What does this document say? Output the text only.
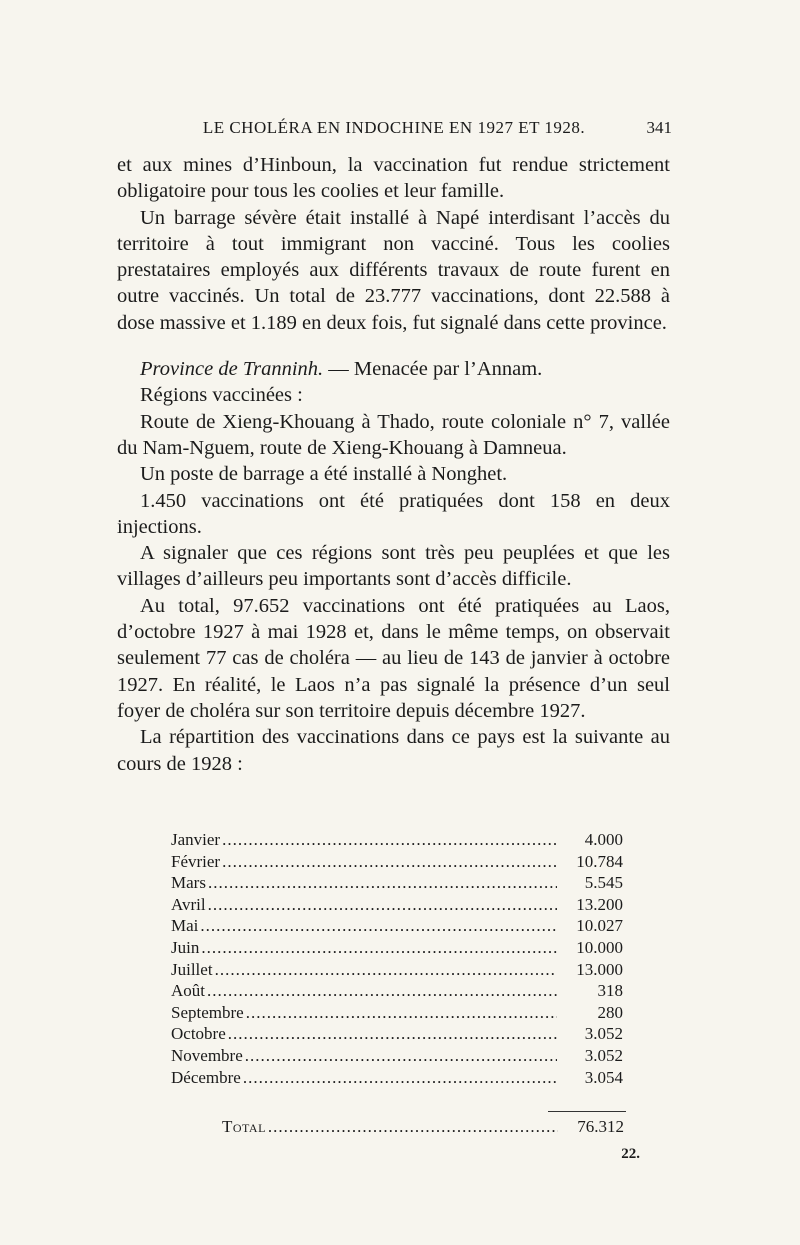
LE CHOLÉRA EN INDOCHINE EN 1927 ET 1928.	341

et aux mines d’Hinboun, la vaccination fut rendue strictement obligatoire pour tous les coolies et leur famille.

Un barrage sévère était installé à Napé interdisant l’accès du territoire à tout immigrant non vacciné. Tous les coolies prestataires employés aux différents travaux de route furent en outre vaccinés. Un total de 23.777 vaccinations, dont 22.588 à dose massive et 1.189 en deux fois, fut signalé dans cette province.

Province de Tranninh. — Menacée par l’Annam.

Régions vaccinées :

Route de Xieng-Khouang à Thado, route coloniale n° 7, vallée du Nam-Nguem, route de Xieng-Khouang à Damneua.

Un poste de barrage a été installé à Nonghet.

1.450 vaccinations ont été pratiquées dont 158 en deux injections.

A signaler que ces régions sont très peu peuplées et que les villages d’ailleurs peu importants sont d’accès difficile.

Au total, 97.652 vaccinations ont été pratiquées au Laos, d’octobre 1927 à mai 1928 et, dans le même temps, on observait seulement 77 cas de choléra — au lieu de 143 de janvier à octobre 1927. En réalité, le Laos n’a pas signalé la présence d’un seul foyer de choléra sur son territoire depuis décembre 1927.

La répartition des vaccinations dans ce pays est la suivante au cours de 1928 :

Janvier .....	4.000
Février .....	10.784
Mars .....	5.545
Avril .....	13.200
Mai .....	10.027
Juin .....	10.000
Juillet .....	13.000
Août .....	318
Septembre .....	280
Octobre .....	3.052
Novembre .....	3.052
Décembre .....	3.054
Total .....	76.312
22.
